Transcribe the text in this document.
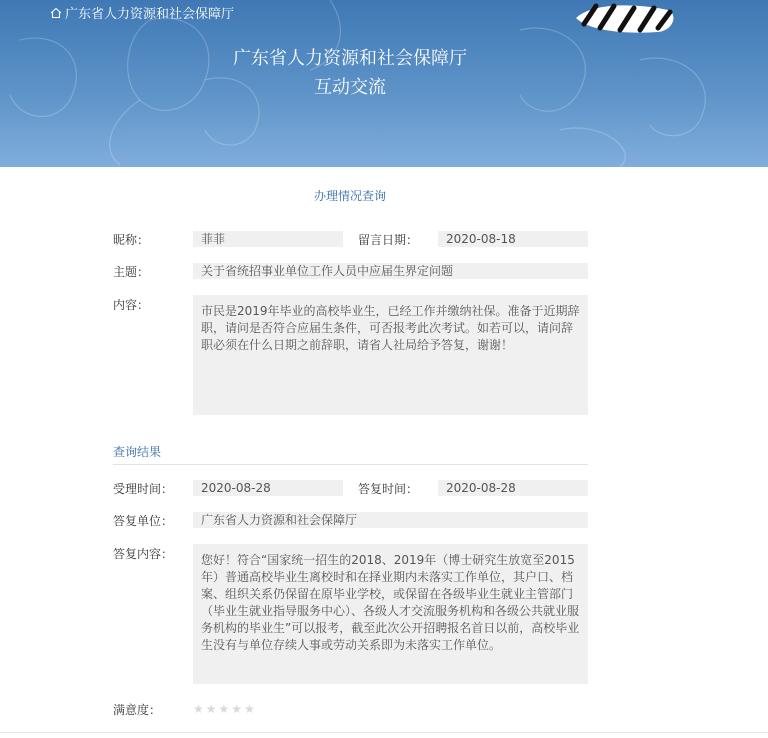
广东省人力资源和社会保障厅
广东省人力资源和社会保障厅
互动交流
办理情况查询
昵称：	菲菲	留言日期：	2020-08-18
主题：	关于省统招事业单位工作人员中应届生界定问题
内容：	市民是2019年毕业的高校毕业生，已经工作并缴纳社保。准备于近期辞职，请问是否符合应届生条件，可否报考此次考试。如若可以，请问辞职必须在什么日期之前辞职，请省人社局给予答复，谢谢！
查询结果
受理时间：	2020-08-28	答复时间：	2020-08-28
答复单位：	广东省人力资源和社会保障厅
答复内容：	您好！符合“国家统一招生的2018、2019年（博士研究生放宽至2015年）普通高校毕业生离校时和在择业期内未落实工作单位，其户口、档案、组织关系仍保留在原毕业学校，或保留在各级毕业生就业主管部门（毕业生就业指导服务中心）、各级人才交流服务机构和各级公共就业服务机构的毕业生”可以报考，截至此次公开招聘报名首日以前，高校毕业生没有与单位存续人事或劳动关系即为未落实工作单位。
满意度：	★ ★ ★ ★ ★
